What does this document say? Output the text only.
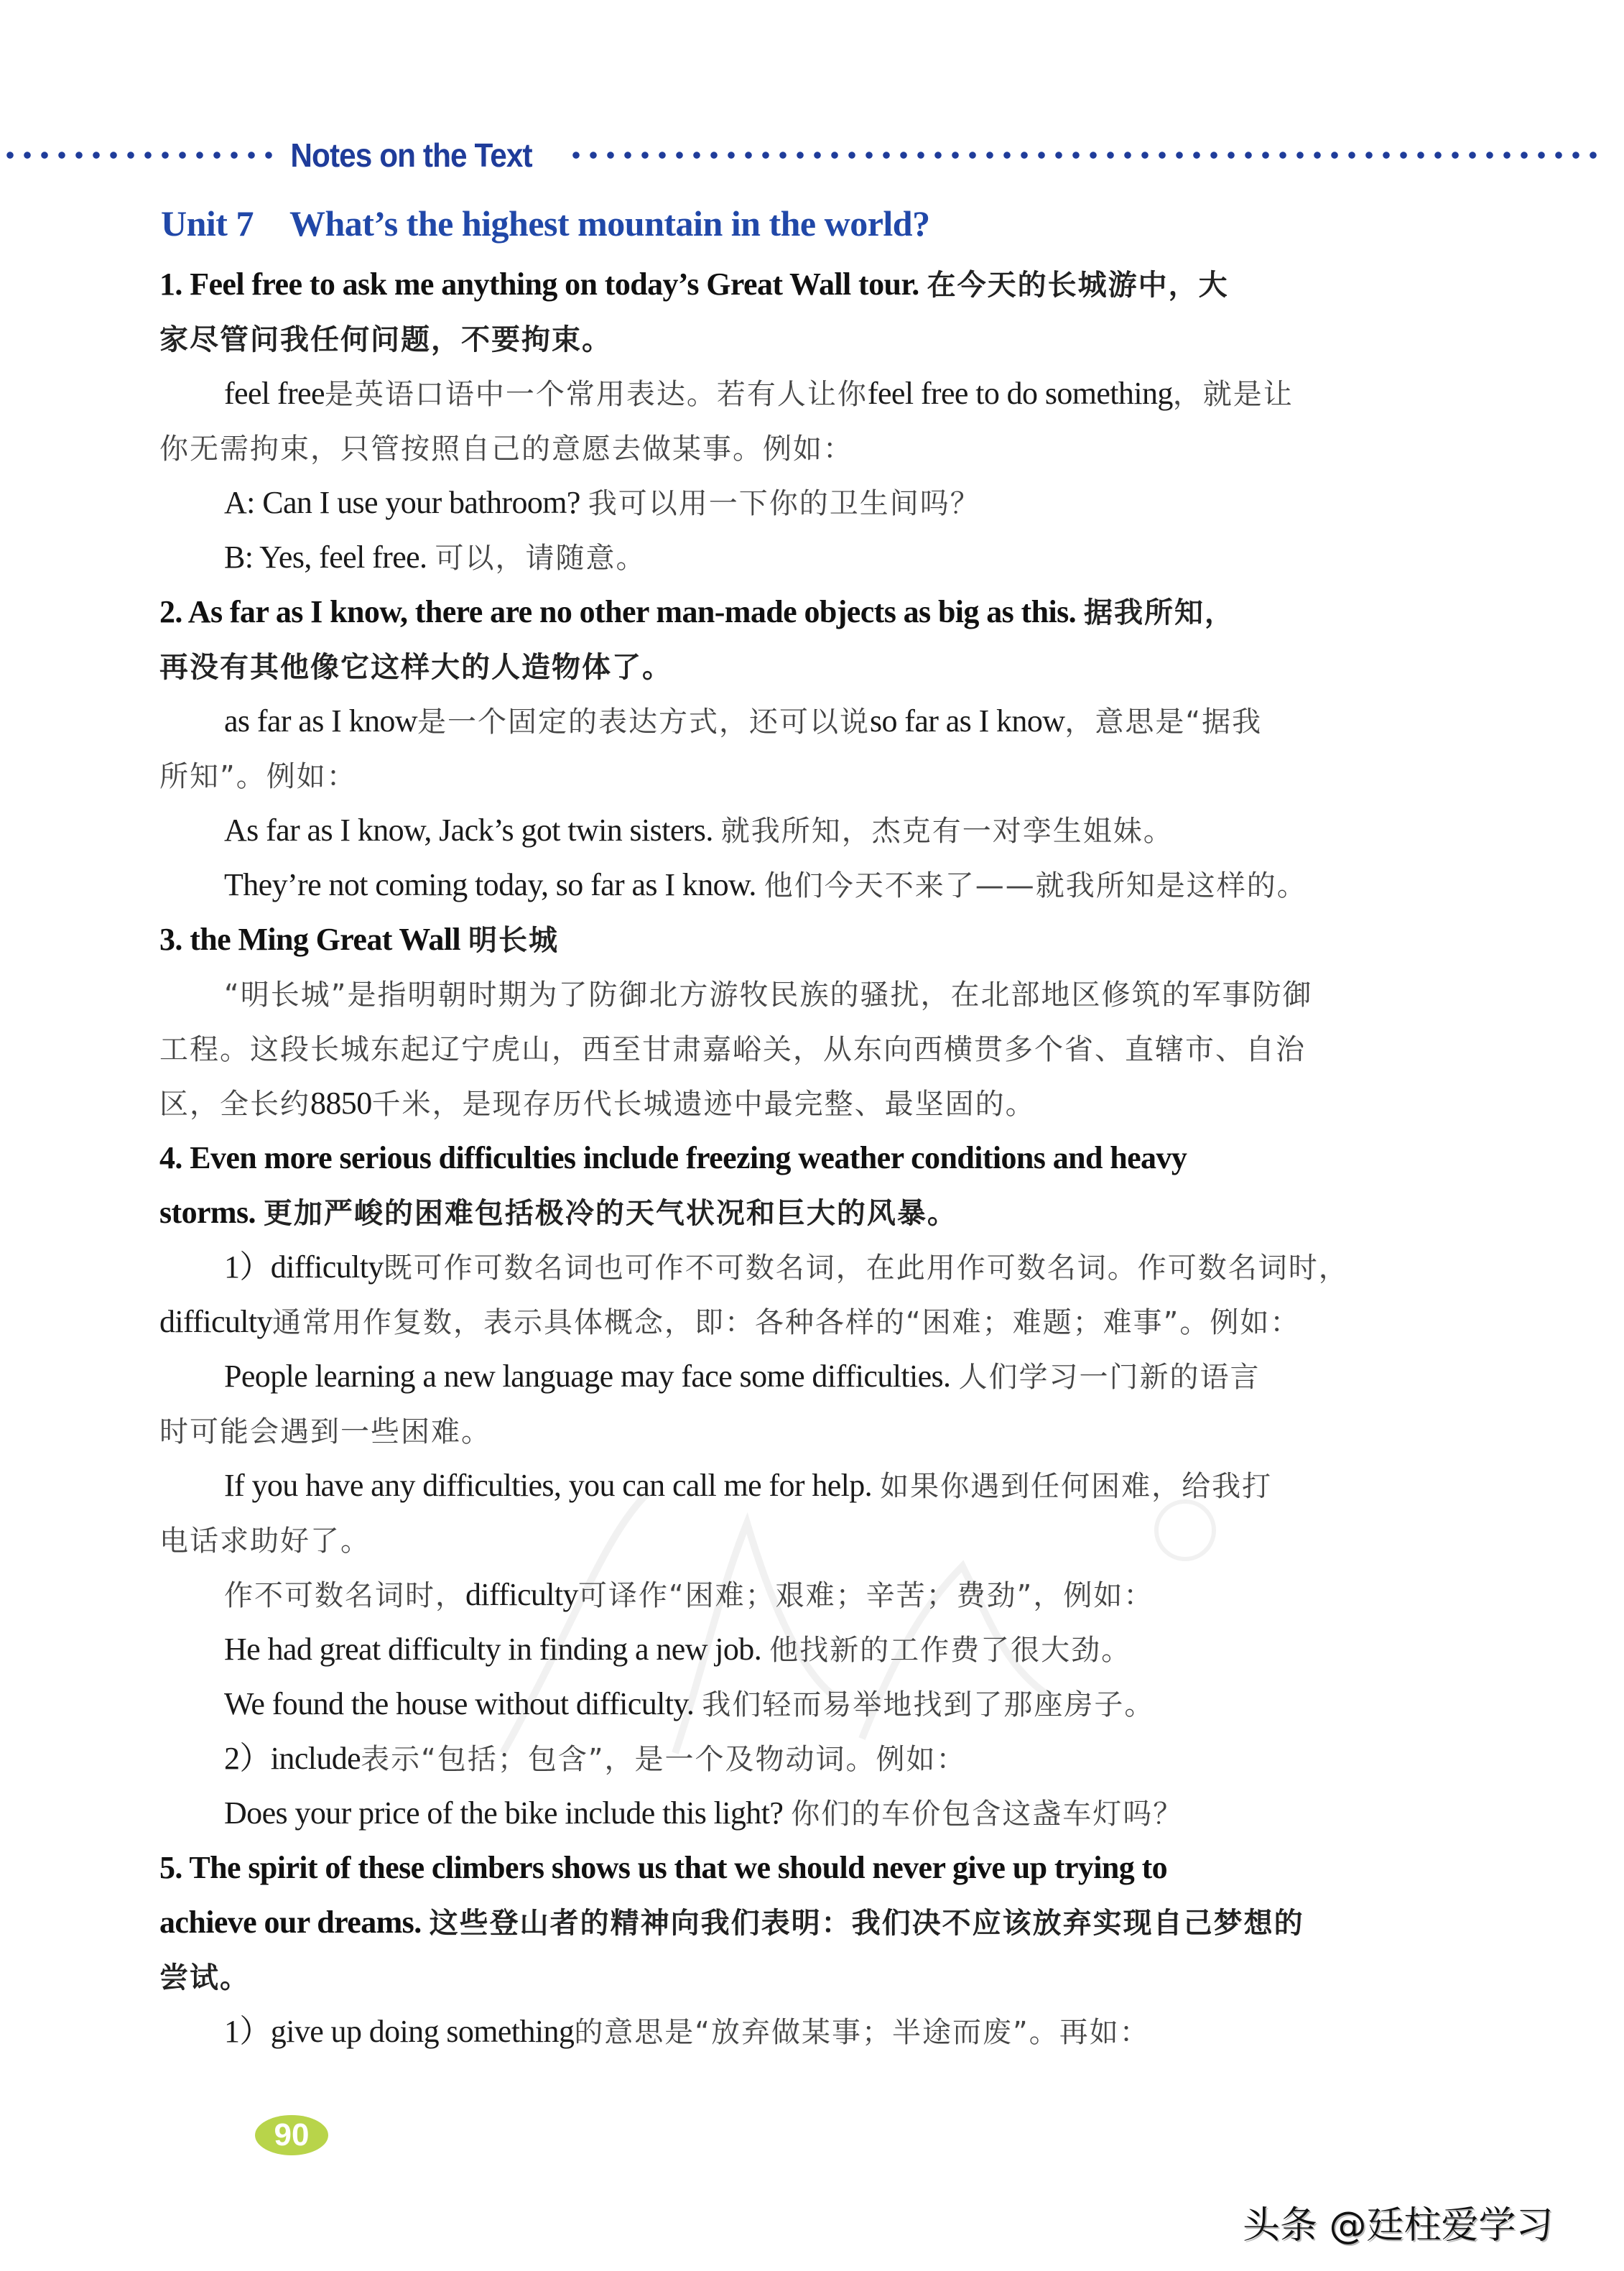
Notes on the Text
Unit 7 What’s the highest mountain in the world?
1. Feel free to ask me anything on today’s Great Wall tour. 在今天的长城游中，大
家尽管问我任何问题，不要拘束。
feel free是英语口语中一个常用表达。若有人让你feel free to do something，就是让
你无需拘束，只管按照自己的意愿去做某事。例如：
A: Can I use your bathroom? 我可以用一下你的卫生间吗？
B: Yes, feel free. 可以，请随意。
2. As far as I know, there are no other man-made objects as big as this. 据我所知，
再没有其他像它这样大的人造物体了。
as far as I know是一个固定的表达方式，还可以说so far as I know，意思是“据我
所知”。例如：
As far as I know, Jack’s got twin sisters. 就我所知，杰克有一对孪生姐妹。
They’re not coming today, so far as I know. 他们今天不来了——就我所知是这样的。
3. the Ming Great Wall 明长城
“明长城”是指明朝时期为了防御北方游牧民族的骚扰，在北部地区修筑的军事防御
工程。这段长城东起辽宁虎山，西至甘肃嘉峪关，从东向西横贯多个省、直辖市、自治
区，全长约8850千米，是现存历代长城遗迹中最完整、最坚固的。
4. Even more serious difficulties include freezing weather conditions and heavy
storms. 更加严峻的困难包括极冷的天气状况和巨大的风暴。
1）difficulty既可作可数名词也可作不可数名词，在此用作可数名词。作可数名词时，
difficulty通常用作复数，表示具体概念，即：各种各样的“困难；难题；难事”。例如：
People learning a new language may face some difficulties. 人们学习一门新的语言
时可能会遇到一些困难。
If you have any difficulties, you can call me for help. 如果你遇到任何困难，给我打
电话求助好了。
作不可数名词时，difficulty可译作“困难；艰难；辛苦；费劲”，例如：
He had great difficulty in finding a new job. 他找新的工作费了很大劲。
We found the house without difficulty. 我们轻而易举地找到了那座房子。
2）include表示“包括；包含”，是一个及物动词。例如：
Does your price of the bike include this light? 你们的车价包含这盏车灯吗？
5. The spirit of these climbers shows us that we should never give up trying to
achieve our dreams. 这些登山者的精神向我们表明：我们决不应该放弃实现自己梦想的
尝试。
1）give up doing something的意思是“放弃做某事；半途而废”。再如：
90
头条 @廷柱爱学习
